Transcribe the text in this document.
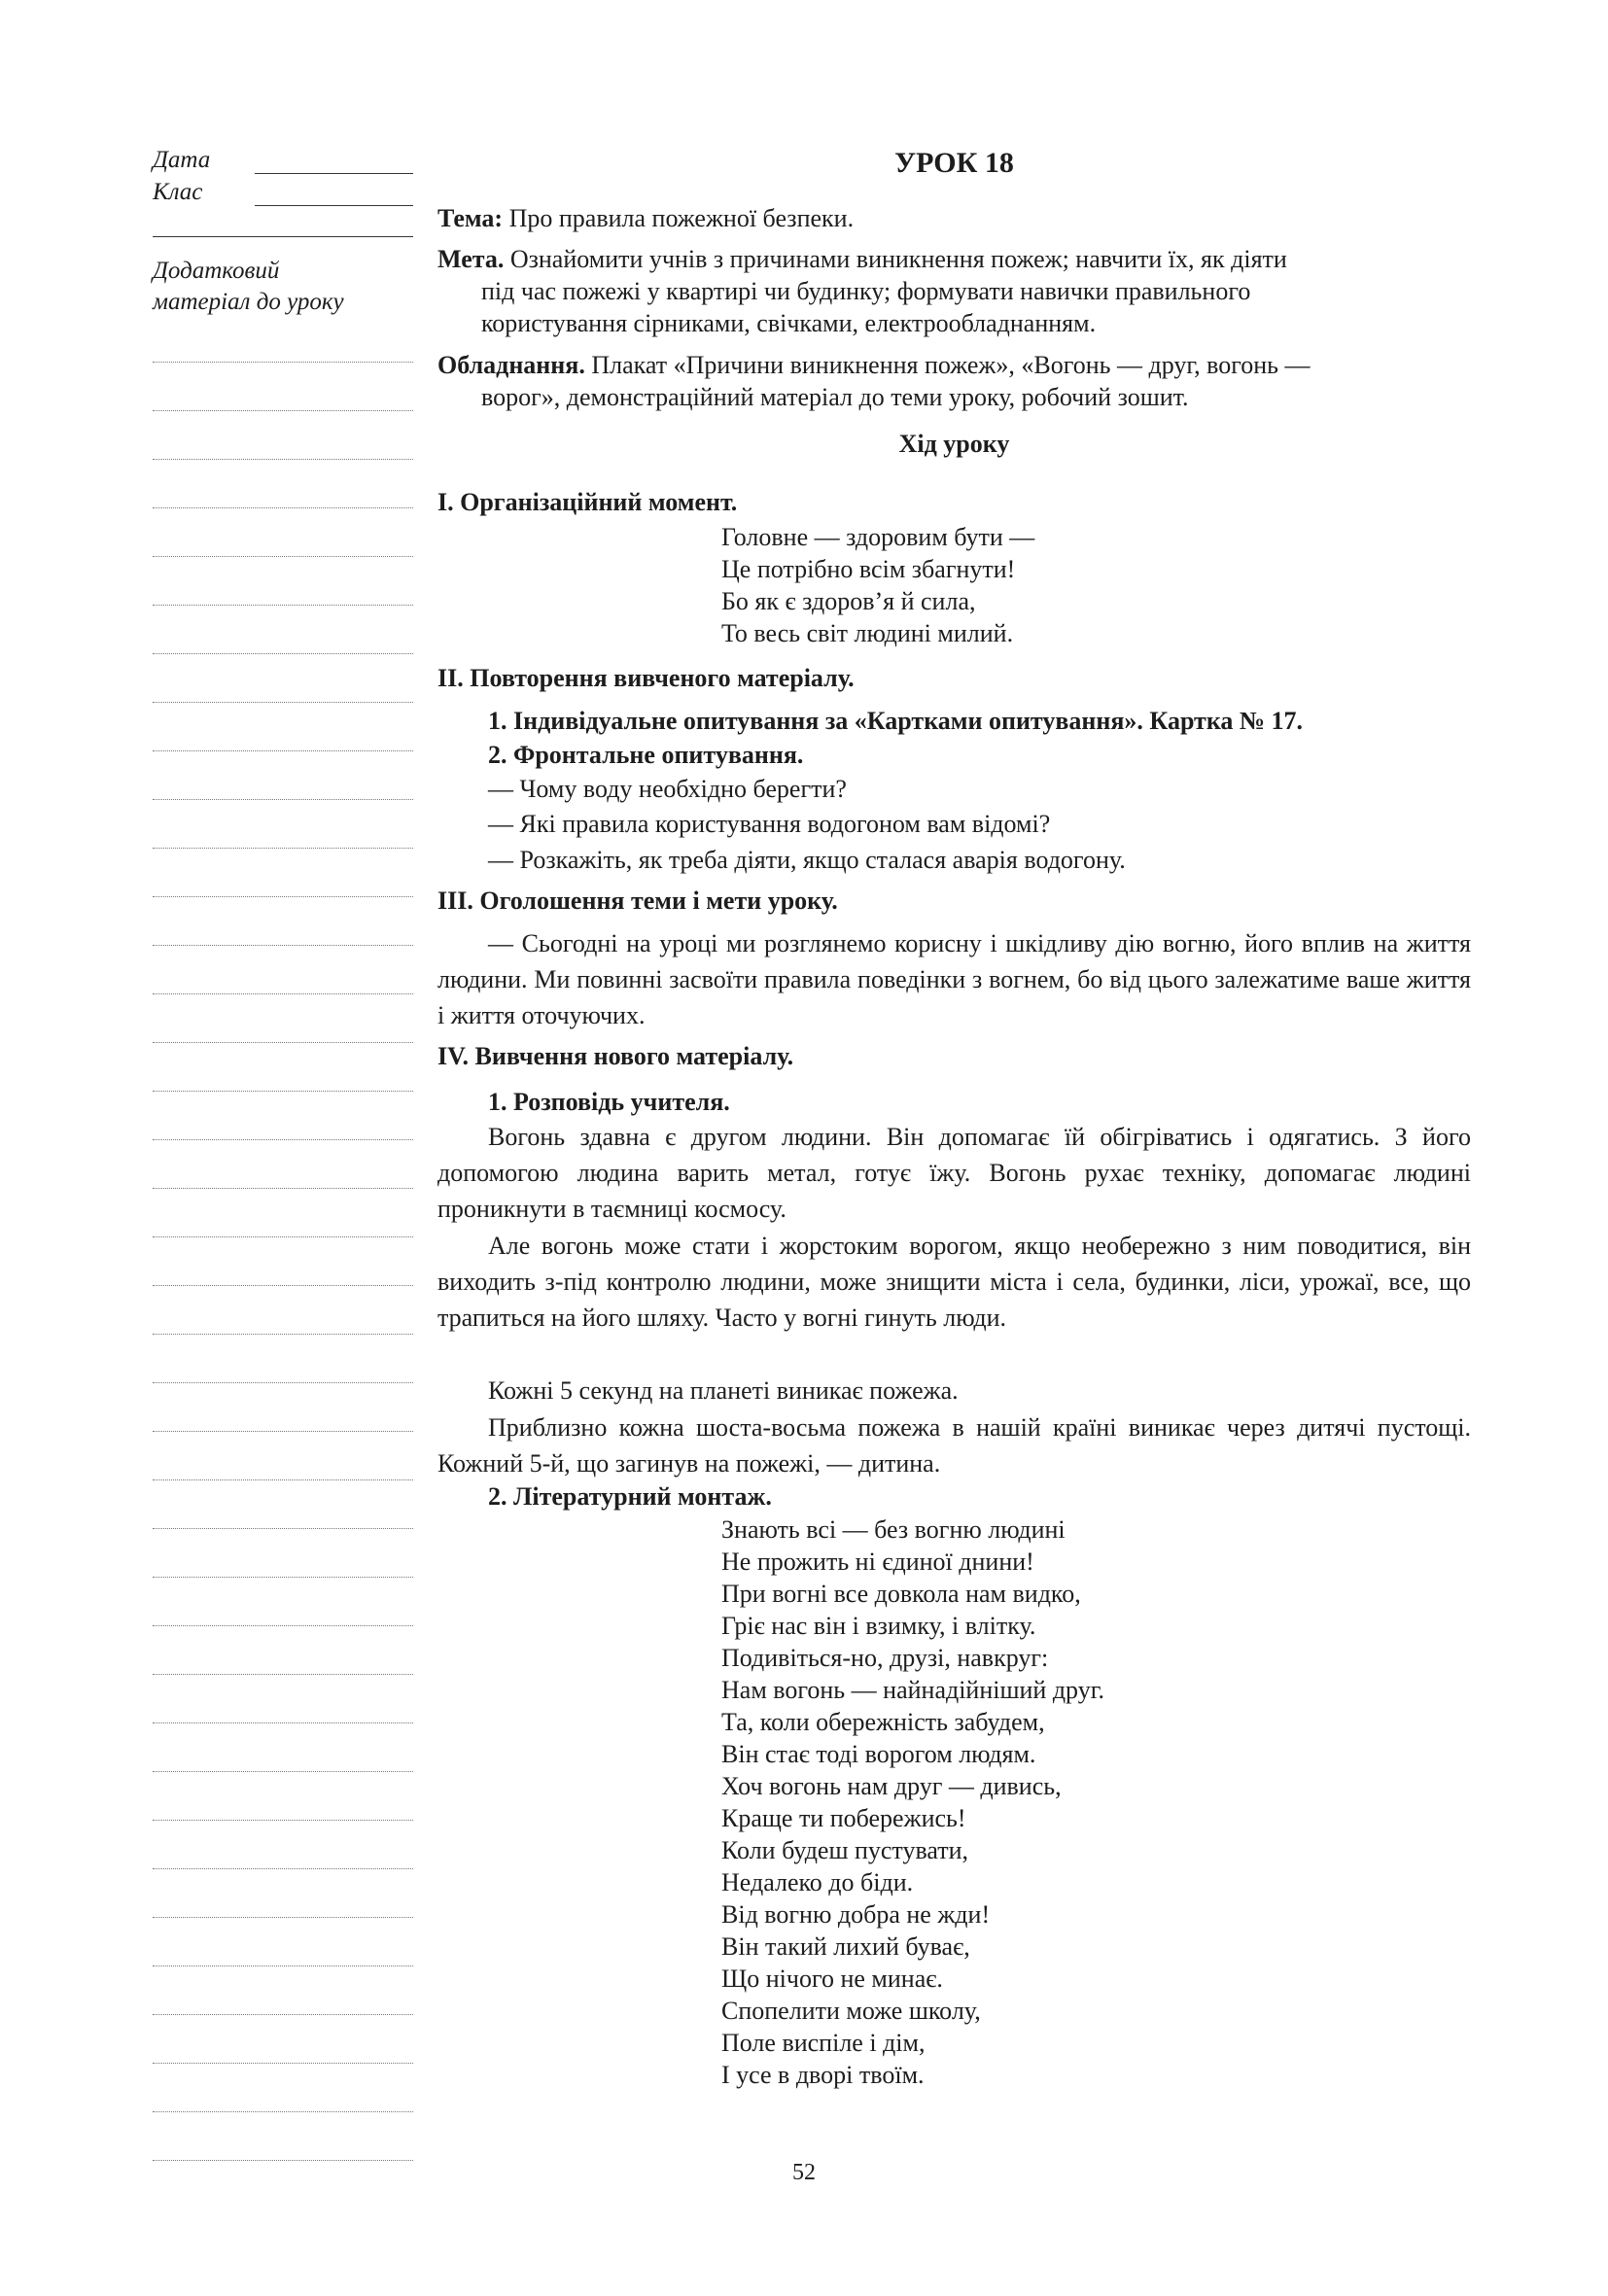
Дата
Клас
Додатковий
матеріал до уроку
УРОК 18
Тема: Про правила пожежної безпеки.
Мета. Ознайомити учнів з причинами виникнення пожеж; навчити їх, як діяти
під час пожежі у квартирі чи будинку; формувати навички правильного
користування сірниками, свічками, електрообладнанням.
Обладнання. Плакат «Причини виникнення пожеж», «Вогонь — друг, вогонь —
ворог», демонстраційний матеріал до теми уроку, робочий зошит.
Хід уроку
I. Організаційний момент.
Головне — здоровим бути —
Це потрібно всім збагнути!
Бо як є здоров’я й сила,
То весь світ людині милий.
II. Повторення вивченого матеріалу.
1. Індивідуальне опитування за «Картками опитування». Картка № 17.
2. Фронтальне опитування.
— Чому воду необхідно берегти?
— Які правила користування водогоном вам відомі?
— Розкажіть, як треба діяти, якщо сталася аварія водогону.
III. Оголошення теми і мети уроку.
— Сьогодні на уроці ми розглянемо корисну і шкідливу дію вогню, його вплив на життя людини. Ми повинні засвоїти правила поведінки з вогнем, бо від цього залежатиме ваше життя і життя оточуючих.
IV. Вивчення нового матеріалу.
1. Розповідь учителя.
Вогонь здавна є другом людини. Він допомагає їй обігріватись і одягатись. З його допомогою людина варить метал, готує їжу. Вогонь рухає техніку, допомагає людині проникнути в таємниці космосу.
Але вогонь може стати і жорстоким ворогом, якщо необережно з ним поводитися, він виходить з-під контролю людини, може знищити міста і села, будинки, ліси, урожаї, все, що трапиться на його шляху. Часто у вогні гинуть люди.
Кожні 5 секунд на планеті виникає пожежа.
Приблизно кожна шоста-восьма пожежа в нашій країні виникає через дитячі пустощі. Кожний 5-й, що загинув на пожежі, — дитина.
2. Літературний монтаж.
Знають всі — без вогню людині
Не прожить ні єдиної днини!
При вогні все довкола нам видко,
Гріє нас він і взимку, і влітку.
Подивіться-но, друзі, навкруг:
Нам вогонь — найнадійніший друг.
Та, коли обережність забудем,
Він стає тоді ворогом людям.
Хоч вогонь нам друг — дивись,
Краще ти побережись!
Коли будеш пустувати,
Недалеко до біди.
Від вогню добра не жди!
Він такий лихий буває,
Що нічого не минає.
Спопелити може школу,
Поле виспіле і дім,
І усе в дворі твоїм.
52
